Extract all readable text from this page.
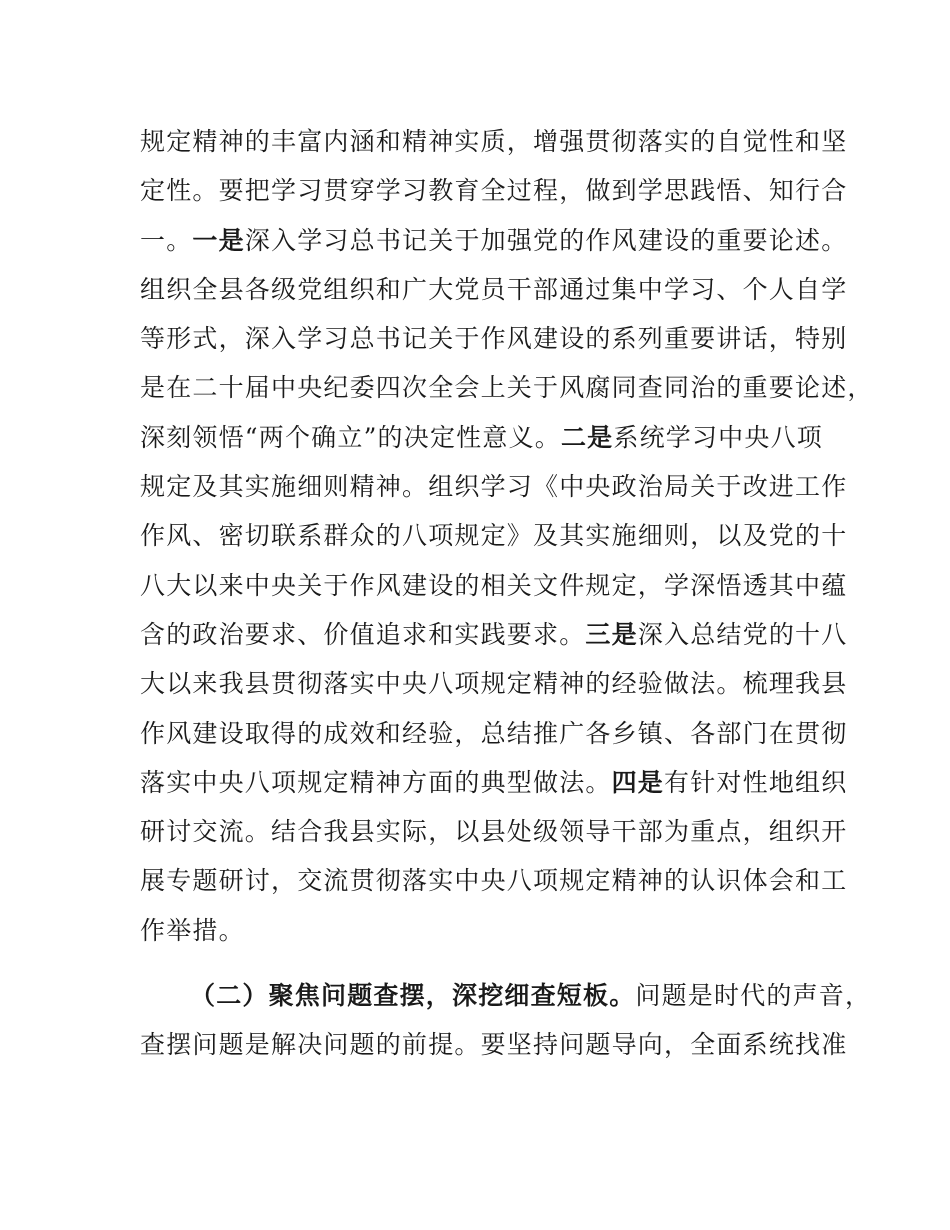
规定精神的丰富内涵和精神实质，增强贯彻落实的自觉性和坚
定性。要把学习贯穿学习教育全过程，做到学思践悟、知行合
一。一是深入学习总书记关于加强党的作风建设的重要论述。
组织全县各级党组织和广大党员干部通过集中学习、个人自学
等形式，深入学习总书记关于作风建设的系列重要讲话，特别
是在二十届中央纪委四次全会上关于风腐同查同治的重要论述，
深刻领悟“两个确立”的决定性意义。二是系统学习中央八项
规定及其实施细则精神。组织学习《中央政治局关于改进工作
作风、密切联系群众的八项规定》及其实施细则，以及党的十
八大以来中央关于作风建设的相关文件规定，学深悟透其中蕴
含的政治要求、价值追求和实践要求。三是深入总结党的十八
大以来我县贯彻落实中央八项规定精神的经验做法。梳理我县
作风建设取得的成效和经验，总结推广各乡镇、各部门在贯彻
落实中央八项规定精神方面的典型做法。四是有针对性地组织
研讨交流。结合我县实际，以县处级领导干部为重点，组织开
展专题研讨，交流贯彻落实中央八项规定精神的认识体会和工
作举措。
（二）聚焦问题查摆，深挖细查短板。问题是时代的声音，
查摆问题是解决问题的前提。要坚持问题导向，全面系统找准
